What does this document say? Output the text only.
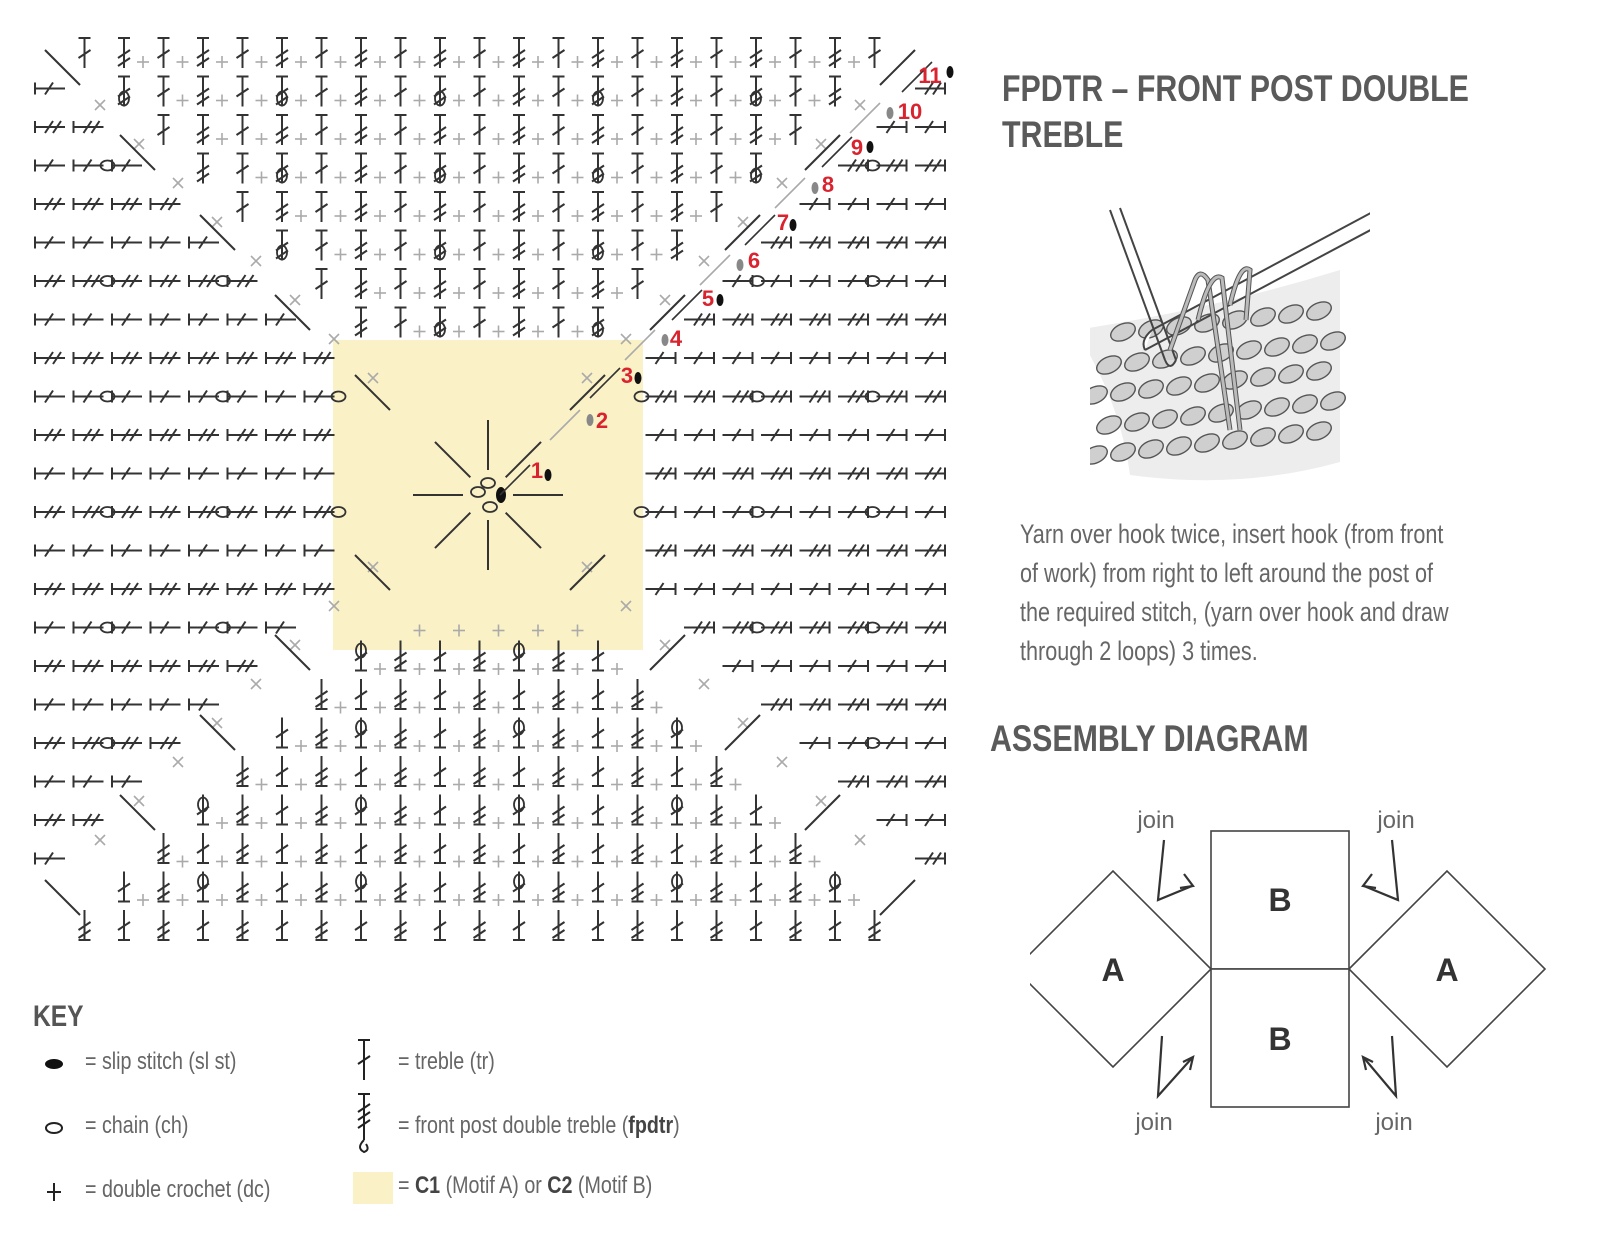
1
2
3
4
5
6
7
8
9
10
11
KEY
= slip stitch (sl st)
= chain (ch)
= double crochet (dc)
= treble (tr)
= front post double treble (fpdtr)
= C1 (Motif A) or C2 (Motif B)
FPDTR – FRONT POST DOUBLE
TREBLE
Yarn over hook twice, insert hook (from front
of work) from right to left around the post of
the required stitch, (yarn over hook and draw
through 2 loops) 3 times.
ASSEMBLY DIAGRAM
A
B
B
A
join	join
join	join
